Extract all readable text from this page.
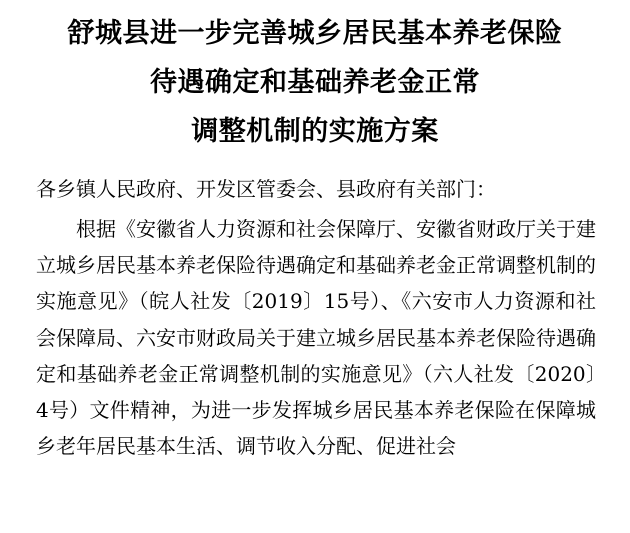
舒城县进一步完善城乡居民基本养老保险
待遇确定和基础养老金正常
调整机制的实施方案

各乡镇人民政府、开发区管委会、县政府有关部门：

根据《安徽省人力资源和社会保障厅、安徽省财政厅关于建立城乡居民基本养老保险待遇确定和基础养老金正常调整机制的实施意见》（皖人社发〔2019〕15号）、《六安市人力资源和社会保障局、六安市财政局关于建立城乡居民基本养老保险待遇确定和基础养老金正常调整机制的实施意见》（六人社发〔2020〕4号）文件精神，为进一步发挥城乡居民基本养老保险在保障城乡老年居民基本生活、调节收入分配、促进社会
